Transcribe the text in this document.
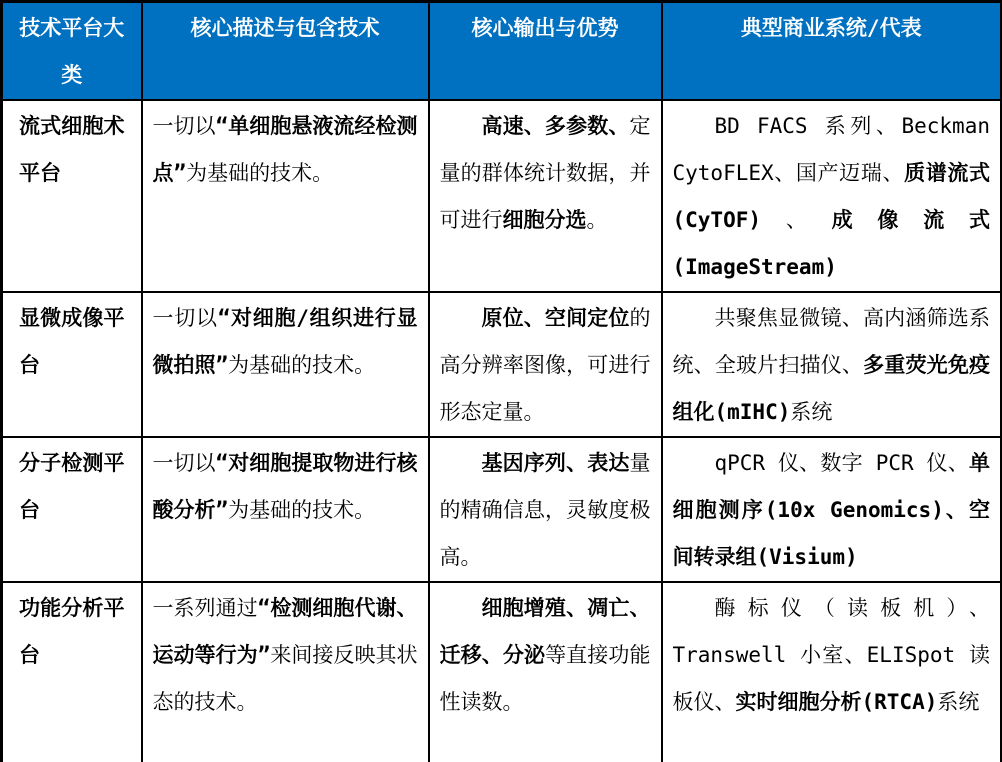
技术平台大类	核心描述与包含技术	核心输出与优势	典型商业系统/代表
流式细胞术平台	一切以“单细胞悬液流经检测点”为基础的技术。	高速、多参数、定量的群体统计数据，并可进行细胞分选。	BD FACS 系列、Beckman CytoFLEX、国产迈瑞、质谱流式 (CyTOF)、成像流式 (ImageStream)
显微成像平台	一切以“对细胞/组织进行显微拍照”为基础的技术。	原位、空间定位的高分辨率图像，可进行形态定量。	共聚焦显微镜、高内涵筛选系统、全玻片扫描仪、多重荧光免疫组化(mIHC)系统
分子检测平台	一切以“对细胞提取物进行核酸分析”为基础的技术。	基因序列、表达量的精确信息，灵敏度极高。	qPCR 仪、数字 PCR 仪、单细胞测序(10x Genomics)、空间转录组(Visium)
功能分析平台	一系列通过“检测细胞代谢、运动等行为”来间接反映其状态的技术。	细胞增殖、凋亡、迁移、分泌等直接功能性读数。	酶标仪（读板机）、Transwell 小室、ELISpot 读板仪、实时细胞分析(RTCA)系统
